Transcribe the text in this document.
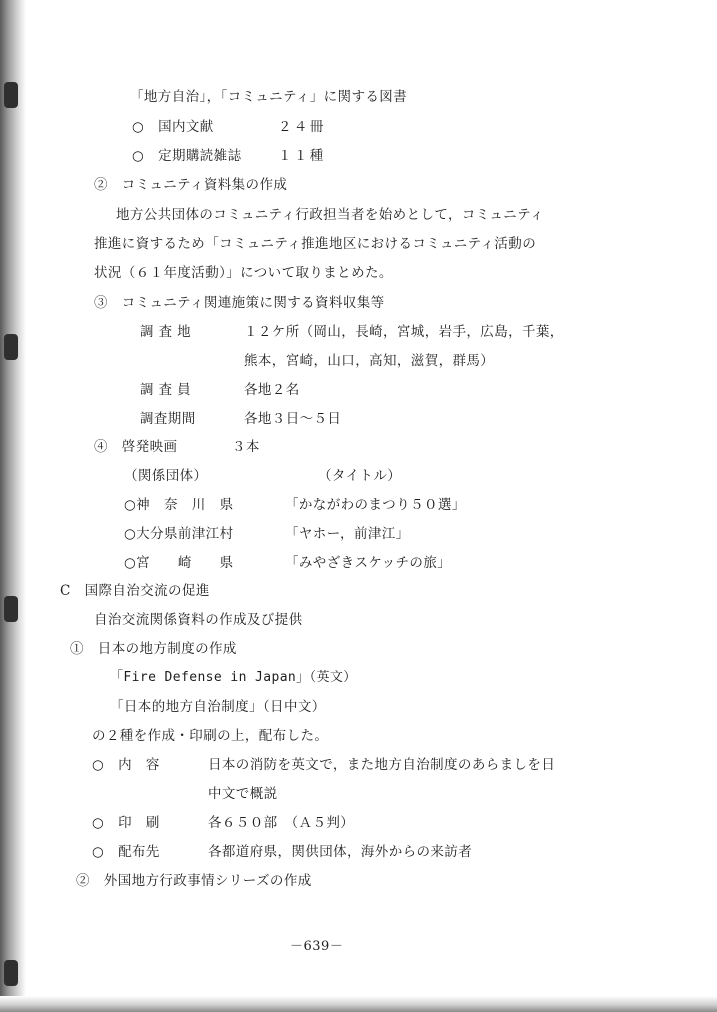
「地方自治」，「コミュニティ」に関する図書
○　国内文献	２４冊
○　定期購読雑誌	１１種
②　コミュニティ資料集の作成
地方公共団体のコミュニティ行政担当者を始めとして，コミュニティ
推進に資するため「コミュニティ推進地区におけるコミュニティ活動の
状況（６１年度活動）」について取りまとめた。
③　コミュニティ関連施策に関する資料収集等
調 査 地	１２ケ所（岡山，長崎，宮城，岩手，広島，千葉，
熊本，宮崎，山口，高知，滋賀，群馬）
調 査 員	各地２名
調査期間	各地３日～５日
④　啓発映画	３本
（関係団体）	（タイトル）
○神　奈　川　県	「かながわのまつり５０選」
○大分県前津江村	「ヤホー，前津江」
○宮　　崎　　県	「みやざきスケッチの旅」
C　国際自治交流の促進
自治交流関係資料の作成及び提供
①　日本の地方制度の作成
「Fire Defense in Japan」（英文）
「日本的地方自治制度」（日中文）
の２種を作成・印刷の上，配布した。
○　内　容	日本の消防を英文で，また地方自治制度のあらましを日
中文で概説
○　印　刷	各６５０部　（Ａ５判）
○　配布先	各都道府県，関供団体，海外からの来訪者
②　外国地方行政事情シリーズの作成
－639－
